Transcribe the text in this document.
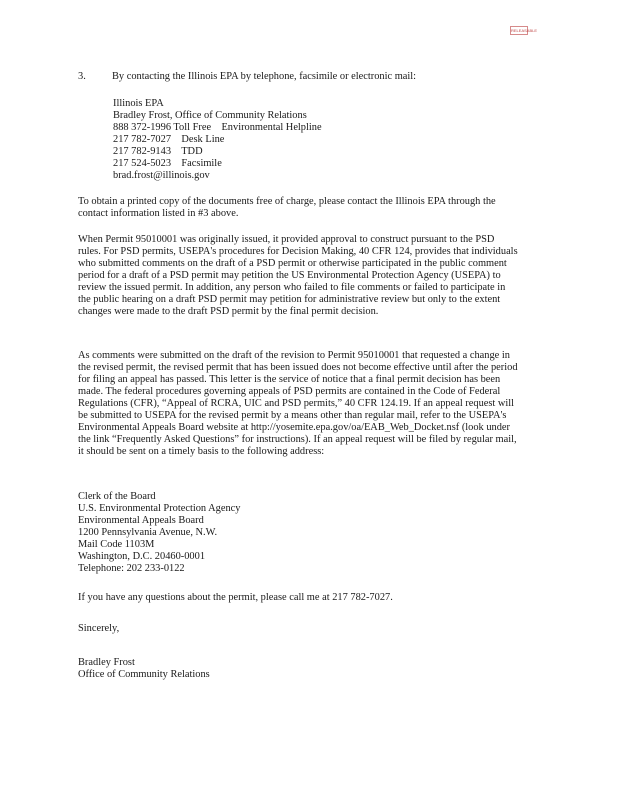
RELEASABLE
3.	By contacting the Illinois EPA by telephone, facsimile or electronic mail:
Illinois EPA
Bradley Frost, Office of Community Relations
888 372-1996 Toll Free    Environmental Helpline
217 782-7027    Desk Line
217 782-9143    TDD
217 524-5023    Facsimile
brad.frost@illinois.gov

To obtain a printed copy of the documents free of charge, please contact the Illinois EPA through the contact information listed in #3 above.

When Permit 95010001 was originally issued, it provided approval to construct pursuant to the PSD rules. For PSD permits, USEPA's procedures for Decision Making, 40 CFR 124, provides that individuals who submitted comments on the draft of a PSD permit or otherwise participated in the public comment period for a draft of a PSD permit may petition the US Environmental Protection Agency (USEPA) to review the issued permit. In addition, any person who failed to file comments or failed to participate in the public hearing on a draft PSD permit may petition for administrative review but only to the extent changes were made to the draft PSD permit by the final permit decision.

As comments were submitted on the draft of the revision to Permit 95010001 that requested a change in the revised permit, the revised permit that has been issued does not become effective until after the period for filing an appeal has passed. This letter is the service of notice that a final permit decision has been made. The federal procedures governing appeals of PSD permits are contained in the Code of Federal Regulations (CFR), “Appeal of RCRA, UIC and PSD permits,” 40 CFR 124.19. If an appeal request will be submitted to USEPA for the revised permit by a means other than regular mail, refer to the USEPA's Environmental Appeals Board website at http://yosemite.epa.gov/oa/EAB_Web_Docket.nsf (look under the link “Frequently Asked Questions” for instructions). If an appeal request will be filed by regular mail, it should be sent on a timely basis to the following address:

Clerk of the Board
U.S. Environmental Protection Agency
Environmental Appeals Board
1200 Pennsylvania Avenue, N.W.
Mail Code 1103M
Washington, D.C. 20460-0001
Telephone: 202 233-0122
If you have any questions about the permit, please call me at 217 782-7027.
Sincerely,
Bradley Frost
Office of Community Relations
